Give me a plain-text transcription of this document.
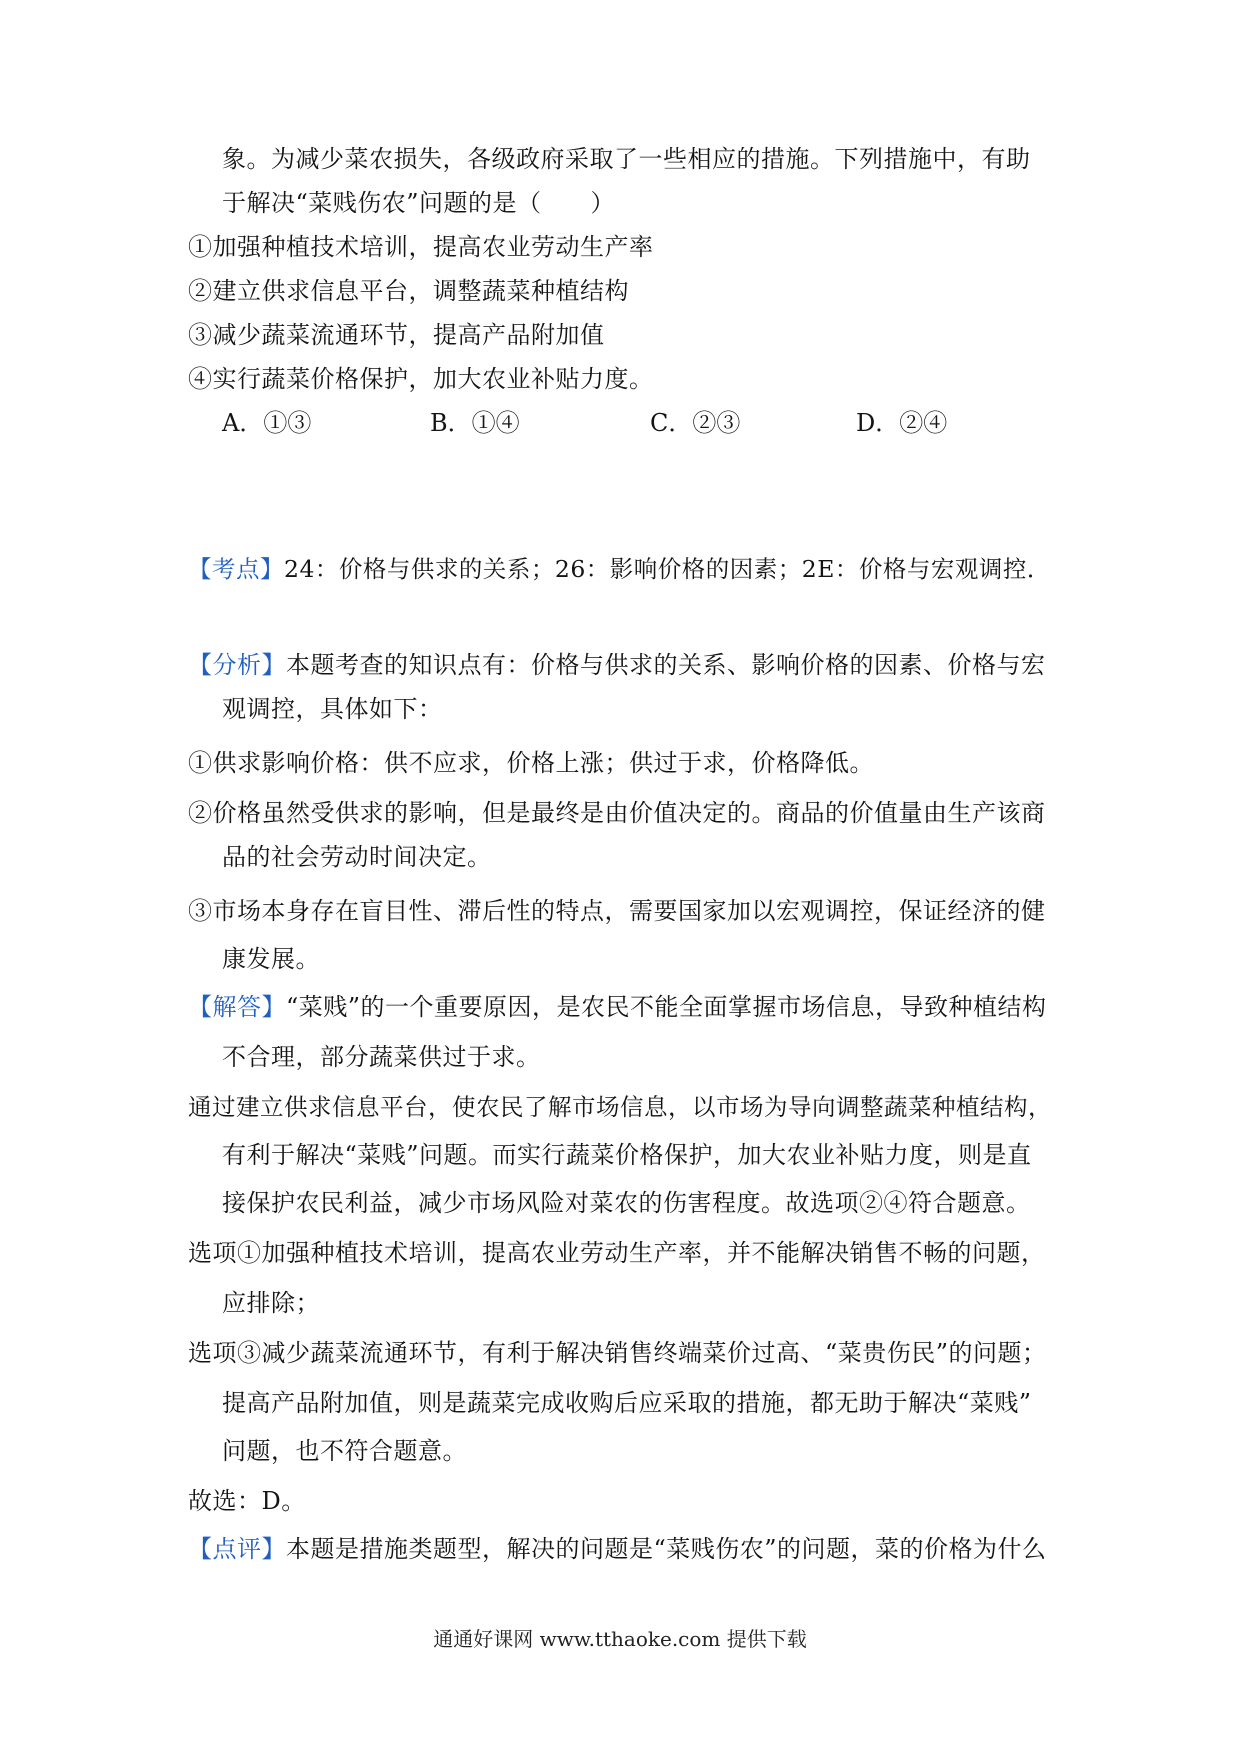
象。为减少菜农损失，各级政府采取了一些相应的措施。下列措施中，有助
于解决“菜贱伤农”问题的是（　　）
①加强种植技术培训，提高农业劳动生产率
②建立供求信息平台，调整蔬菜种植结构
③减少蔬菜流通环节，提高产品附加值
④实行蔬菜价格保护，加大农业补贴力度。
A．①③	B．①④	C．②③	D．②④
【考点】24：价格与供求的关系；26：影响价格的因素；2E：价格与宏观调控．
【分析】本题考查的知识点有：价格与供求的关系、影响价格的因素、价格与宏
观调控，具体如下：
①供求影响价格：供不应求，价格上涨；供过于求，价格降低。
②价格虽然受供求的影响，但是最终是由价值决定的。商品的价值量由生产该商
品的社会劳动时间决定。
③市场本身存在盲目性、滞后性的特点，需要国家加以宏观调控，保证经济的健
康发展。
【解答】“菜贱”的一个重要原因，是农民不能全面掌握市场信息，导致种植结构
不合理，部分蔬菜供过于求。
通过建立供求信息平台，使农民了解市场信息，以市场为导向调整蔬菜种植结构，
有利于解决“菜贱”问题。而实行蔬菜价格保护，加大农业补贴力度，则是直
接保护农民利益，减少市场风险对菜农的伤害程度。故选项②④符合题意。
选项①加强种植技术培训，提高农业劳动生产率，并不能解决销售不畅的问题，
应排除；
选项③减少蔬菜流通环节，有利于解决销售终端菜价过高、“菜贵伤民”的问题；
提高产品附加值，则是蔬菜完成收购后应采取的措施，都无助于解决“菜贱”
问题，也不符合题意。
故选：D。
【点评】本题是措施类题型，解决的问题是“菜贱伤农”的问题，菜的价格为什么
通通好课网 www.tthaoke.com 提供下载
